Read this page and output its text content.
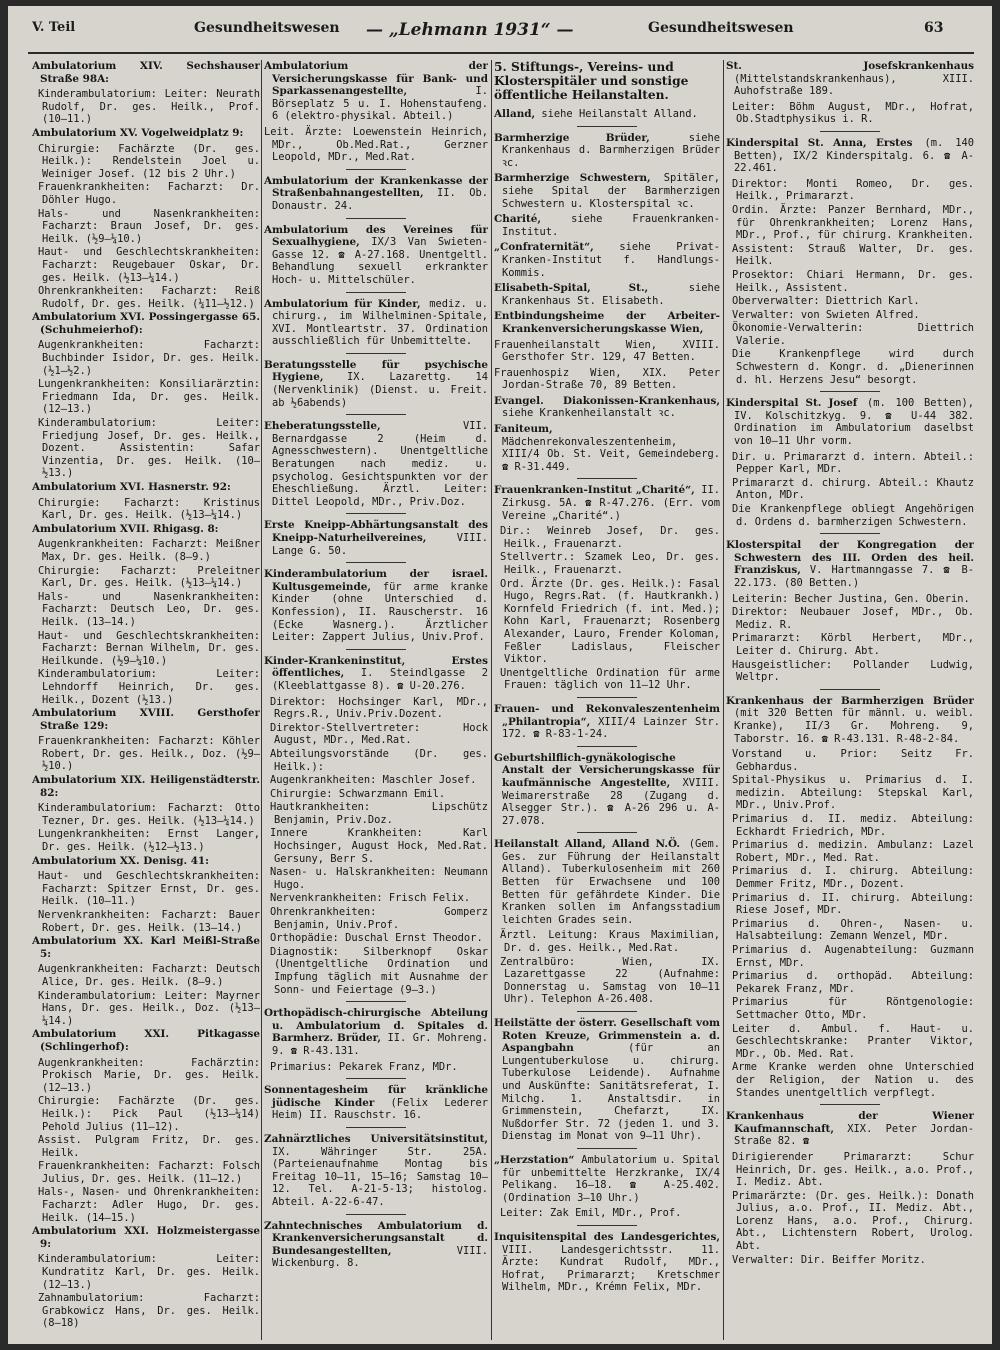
V. Teil	Gesundheitswesen — „Lehmann 1931“ —	Gesundheitswesen	63

Ambulatorium XIV. Sechshauser Straße 98A:

Kinderambulatorium: Leiter: Neurath Rudolf, Dr. ges. Heilk., Prof. (10–11.)

Ambulatorium XV. Vogelweidplatz 9:

Chirurgie: Fachärzte (Dr. ges. Heilk.): Rendelstein Joel u. Weiniger Josef. (12 bis 2 Uhr.)

Frauenkrankheiten: Facharzt: Dr. Döhler Hugo.

Hals- und Nasenkrankheiten: Facharzt: Braun Josef, Dr. ges. Heilk. (½9–¼10.)

Haut- und Geschlechtskrankheiten: Facharzt: Reugebauer Oskar, Dr. ges. Heilk. (½13–¼14.)

Ohrenkrankheiten: Facharzt: Reiß Rudolf, Dr. ges. Heilk. (¼11–½12.)

Ambulatorium XVI. Possingergasse 65. (Schuhmeierhof):

Augenkrankheiten: Facharzt: Buchbinder Isidor, Dr. ges. Heilk. (½1–½2.)

Lungenkrankheiten: Konsiliarärztin: Friedmann Ida, Dr. ges. Heilk. (12–13.)

Kinderambulatorium: Leiter: Friedjung Josef, Dr. ges. Heilk., Dozent. Assistentin: Safar Vinzentia, Dr. ges. Heilk. (10–½13.)

Ambulatorium XVI. Hasnerstr. 92:

Chirurgie: Facharzt: Kristinus Karl, Dr. ges. Heilk. (½13–¼14.)

Ambulatorium XVII. Rhigasg. 8:

Augenkrankheiten: Facharzt: Meißner Max, Dr. ges. Heilk. (8–9.)

Chirurgie: Facharzt: Preleitner Karl, Dr. ges. Heilk. (½13–¼14.)

Hals- und Nasenkrankheiten: Facharzt: Deutsch Leo, Dr. ges. Heilk. (13–14.)

Haut- und Geschlechtskrankheiten: Facharzt: Bernan Wilhelm, Dr. ges. Heilkunde. (½9–¼10.)

Kinderambulatorium: Leiter: Lehndorff Heinrich, Dr. ges. Heilk., Dozent (½13.)

Ambulatorium XVIII. Gersthofer Straße 129:

Frauenkrankheiten: Facharzt: Köhler Robert, Dr. ges. Heilk., Doz. (½9–½10.)

Ambulatorium XIX. Heiligenstädterstr. 82:

Kinderambulatorium: Facharzt: Otto Tezner, Dr. ges. Heilk. (½13–¼14.)

Lungenkrankheiten: Ernst Langer, Dr. ges. Heilk. (½12–½13.)

Ambulatorium XX. Denisg. 41:

Haut- und Geschlechtskrankheiten: Facharzt: Spitzer Ernst, Dr. ges. Heilk. (10–11.)

Nervenkrankheiten: Facharzt: Bauer Robert, Dr. ges. Heilk. (13–14.)

Ambulatorium XX. Karl Meißl-Straße 5:

Augenkrankheiten: Facharzt: Deutsch Alice, Dr. ges. Heilk. (8–9.)

Kinderambulatorium: Leiter: Mayrner Hans, Dr. ges. Heilk., Doz. (½13–¼14.)

Ambulatorium XXI. Pitkagasse (Schlingerhof):

Augenkrankheiten: Fachärztin: Prokisch Marie, Dr. ges. Heilk. (12–13.)

Chirurgie: Fachärzte (Dr. ges. Heilk.): Pick Paul (½13–¼14) Pehold Julius (11–12).

Assist. Pulgram Fritz, Dr. ges. Heilk.

Frauenkrankheiten: Facharzt: Folsch Julius, Dr. ges. Heilk. (11–12.)

Hals-, Nasen- und Ohrenkrankheiten: Facharzt: Adler Hugo, Dr. ges. Heilk. (14–15.)

Ambulatorium XXI. Holzmeistergasse 9:

Kinderambulatorium: Leiter: Kundratitz Karl, Dr. ges. Heilk. (12–13.)

Zahnambulatorium: Facharzt: Grabkowicz Hans, Dr. ges. Heilk. (8–18)

Ambulatorium der Versicherungskasse für Bank- und Sparkassenangestellte,	I. Börseplatz 5 u. I. Hohenstaufeng. 6 (elektro-physikal. Abteil.)

Leit. Ärzte: Loewenstein Heinrich, MDr., Ob.Med.Rat., Gerzner Leopold, MDr., Med.Rat.

Ambulatorium der Krankenkasse der Straßenbahnangestellten, II. Ob. Donaustr. 24.

Ambulatorium des Vereines für Sexualhygiene, IX/3 Van Swieten-Gasse 12. ☎ A-27.168. Unentgeltl. Behandlung sexuell erkrankter Hoch- u. Mittelschüler.

Ambulatorium für Kinder, mediz. u. chirurg., im Wilhelminen-Spitale, XVI. Montleartstr. 37. Ordination ausschließlich für Unbemittelte.

Beratungsstelle für psychische Hygiene, IX. Lazarettg. 14 (Nervenklinik) (Dienst. u. Freit. ab ½6abends)

Eheberatungsstelle,	VII. Bernardgasse 2 (Heim d. Agnesschwestern). Unentgeltliche Beratungen nach mediz. u. psycholog. Gesichtspunkten vor der Eheschließung. Ärztl. Leiter: Dittel Leopold, MDr., Priv.Doz.

Erste Kneipp-Abhärtungsanstalt des Kneipp-Naturheilvereines,	VIII. Lange G. 50.

Kinderambulatorium der israel. Kultusgemeinde, für arme kranke Kinder (ohne Unterschied d. Konfession), II. Rauscherstr. 16 (Ecke Wasnerg.). Ärztlicher Leiter: Zappert Julius, Univ.Prof.

Kinder-Krankeninstitut, Erstes öffentliches, I. Steindlgasse 2 (Kleeblattgasse 8). ☎ U-20.276.

Direktor: Hochsinger Karl, MDr., Regrs.R., Univ.Priv.Dozent.

Direktor-Stellvertreter: Hock August, MDr., Med.Rat.

Abteilungsvorstände (Dr. ges. Heilk.):

Augenkrankheiten: Maschler Josef.

Chirurgie: Schwarzmann Emil.

Hautkrankheiten: Lipschütz Benjamin, Priv.Doz.

Innere Krankheiten: Karl Hochsinger, August Hock, Med.Rat. Gersuny, Berr S.

Nasen- u. Halskrankheiten: Neumann Hugo.

Nervenkrankheiten: Frisch Felix.

Ohrenkrankheiten: Gomperz Benjamin, Univ.Prof.

Orthopädie: Duschal Ernst Theodor.

Diagnostik: Silberknopf Oskar (Unentgeltliche Ordination und Impfung täglich mit Ausnahme der Sonn- und Feiertage (9–3.)

Orthopädisch-chirurgische Abteilung u. Ambulatorium d. Spitales d. Barmherz. Brüder, II. Gr. Mohreng. 9. ☎ R-43.131.

Primarius: Pekarek Franz, MDr.

Sonnentagesheim für kränkliche jüdische Kinder (Felix Lederer Heim) II. Rauschstr. 16.

Zahnärztliches Universitätsinstitut, IX. Währinger Str. 25A. (Parteienaufnahme Montag bis Freitag 10–11, 15–16; Samstag 10–12. Tel. A-21-5-13; histolog. Abteil. A-22-6-47.

Zahntechnisches Ambulatorium d. Krankenversicherungsanstalt d. Bundesangestellten,	VIII. Wickenburg. 8.

5. Stiftungs-, Vereins- und Klosterspitäler und sonstige öffentliche Heilanstalten.

Alland, siehe Heilanstalt Alland.

Barmherzige Brüder,	siehe Krankenhaus d. Barmherzigen Brüder ꝛc.

Barmherzige Schwestern, Spitäler, siehe Spital der Barmherzigen Schwestern u. Klosterspital ꝛc.

Charité,	siehe Frauenkranken-Institut.

„Confraternität“, siehe Privat-Kranken-Institut f. Handlungs-Kommis.

Elisabeth-Spital, St.,	siehe Krankenhaus St. Elisabeth.

Entbindungsheime der Arbeiter-Krankenversicherungskasse Wien,

Frauenheilanstalt Wien, XVIII. Gersthofer Str. 129, 47 Betten.

Frauenhospiz Wien, XIX. Peter Jordan-Straße 70, 89 Betten.

Evangel. Diakonissen-Krankenhaus, siehe Krankenheilanstalt ꝛc.

Faniteum, Mädchenrekonvaleszentenheim, XIII/4 Ob. St. Veit, Gemeindeberg. ☎ R-31.449.

Frauenkranken-Institut „Charité“, II. Zirkusg. 5A. ☎ R-47.276. (Err. vom Vereine „Charité“.)

Dir.: Weinreb Josef, Dr. ges. Heilk., Frauenarzt.

Stellvertr.: Szamek Leo, Dr. ges. Heilk., Frauenarzt.

Ord. Ärzte (Dr. ges. Heilk.): Fasal Hugo, Regrs.Rat. (f. Hautkrankh.) Kornfeld Friedrich (f. int. Med.); Kohn Karl, Frauenarzt; Rosenberg Alexander, Lauro, Frender Koloman, Feßler Ladislaus, Fleischer Viktor.

Unentgeltliche Ordination für arme Frauen: täglich von 11–12 Uhr.

Frauen- und Rekonvaleszentenheim „Philantropia“, XIII/4 Lainzer Str. 172. ☎ R-83-1-24.

Geburtshilflich-gynäkologische Anstalt der Versicherungskasse für kaufmännische Angestellte, XVIII. Weimarerstraße 28 (Zugang d. Alsegger Str.). ☎ A-26 296 u. A-27.078.

Heilanstalt Alland, Alland N.Ö. (Gem. Ges. zur Führung der Heilanstalt Alland). Tuberkulosenheim mit 260 Betten für Erwachsene und 100 Betten für gefährdete Kinder. Die Kranken sollen im Anfangsstadium leichten Grades sein.

Ärztl. Leitung: Kraus Maximilian, Dr. d. ges. Heilk., Med.Rat.

Zentralbüro: Wien, IX. Lazarettgasse 22 (Aufnahme: Donnerstag u. Samstag von 10–11 Uhr). Telephon A-26.408.

Heilstätte der österr. Gesellschaft vom Roten Kreuze, Grimmenstein a. d. Aspangbahn	(für an Lungentuberkulose u. chirurg. Tuberkulose Leidende). Aufnahme und Auskünfte: Sanitätsreferat, I. Milchg. 1. Anstaltsdir. in Grimmenstein, Chefarzt, IX. Nußdorfer Str. 72 (jeden 1. und 3. Dienstag im Monat von 9–11 Uhr).

„Herzstation“ Ambulatorium u. Spital für unbemittelte Herzkranke, IX/4 Pelikang. 16–18. ☎ A-25.402. (Ordination 3–10 Uhr.)

Leiter: Zak Emil, MDr., Prof.

Inquisitenspital des Landesgerichtes, VIII. Landesgerichtsstr. 11. Ärzte: Kundrat Rudolf, MDr., Hofrat, Primararzt; Kretschmer Wilhelm, MDr., Krémn Felix, MDr.

St. Josefskrankenhaus (Mittelstandskrankenhaus), XIII. Auhofstraße 189.

Leiter: Böhm August, MDr., Hofrat, Ob.Stadtphysikus i. R.

Kinderspital St. Anna, Erstes (m. 140 Betten), IX/2 Kinderspitalg. 6. ☎ A-22.461.

Direktor: Monti Romeo, Dr. ges. Heilk., Primararzt.

Ordin. Ärzte: Panzer Bernhard, MDr., für Ohrenkrankheiten; Lorenz Hans, MDr., Prof., für chirurg. Krankheiten.

Assistent: Strauß Walter, Dr. ges. Heilk.

Prosektor: Chiari Hermann, Dr. ges. Heilk., Assistent.

Oberverwalter: Diettrich Karl.

Verwalter: von Swieten Alfred.

Ökonomie-Verwalterin: Diettrich Valerie.

Die Krankenpflege wird durch Schwestern d. Kongr. d. „Dienerinnen d. hl. Herzens Jesu“ besorgt.

Kinderspital St. Josef (m. 100 Betten), IV. Kolschitzkyg. 9. ☎ U-44 382. Ordination im Ambulatorium daselbst von 10–11 Uhr vorm.

Dir. u. Primararzt d. intern. Abteil.: Pepper Karl, MDr.

Primararzt d. chirurg. Abteil.: Khautz Anton, MDr.

Die Krankenpflege obliegt Angehörigen d. Ordens d. barmherzigen Schwestern.

Klosterspital der Kongregation der Schwestern des III. Orden des heil. Franziskus, V. Hartmanngasse 7. ☎ B-22.173. (80 Betten.)

Leiterin: Becher Justina, Gen. Oberin.

Direktor: Neubauer Josef, MDr., Ob. Mediz. R.

Primararzt: Körbl Herbert, MDr., Leiter d. Chirurg. Abt.

Hausgeistlicher: Pollander Ludwig, Weltpr.

Krankenhaus der Barmherzigen Brüder (mit 320 Betten für männl. u. weibl. Kranke), II/3 Gr. Mohreng. 9, Taborstr. 16. ☎ R-43.131. R-48-2-84.

Vorstand u. Prior: Seitz Fr. Gebhardus.

Spital-Physikus u. Primarius d. I. medizin. Abteilung: Stepskal Karl, MDr., Univ.Prof.

Primarius d. II. mediz. Abteilung: Eckhardt Friedrich, MDr.

Primarius d. medizin. Ambulanz: Lazel Robert, MDr., Med. Rat.

Primarius d. I. chirurg. Abteilung: Demmer Fritz, MDr., Dozent.

Primarius d. II. chirurg. Abteilung: Riese Josef, MDr.

Primarius d. Ohren-, Nasen- u. Halsabteilung: Zemann Wenzel, MDr.

Primarius d. Augenabteilung: Guzmann Ernst, MDr.

Primarius d. orthopäd. Abteilung: Pekarek Franz, MDr.

Primarius für Röntgenologie: Settmacher Otto, MDr.

Leiter d. Ambul. f. Haut- u. Geschlechtskranke: Pranter Viktor, MDr., Ob. Med. Rat.

Arme Kranke werden ohne Unterschied der Religion, der Nation u. des Standes unentgeltlich verpflegt.

Krankenhaus der Wiener Kaufmannschaft, XIX. Peter Jordan-Straße 82. ☎

Dirigierender Primararzt: Schur Heinrich, Dr. ges. Heilk., a.o. Prof., I. Mediz. Abt.

Primarärzte: (Dr. ges. Heilk.): Donath Julius, a.o. Prof., II. Mediz. Abt., Lorenz Hans, a.o. Prof., Chirurg. Abt., Lichtenstern Robert, Urolog. Abt.

Verwalter: Dir. Beiffer Moritz.
